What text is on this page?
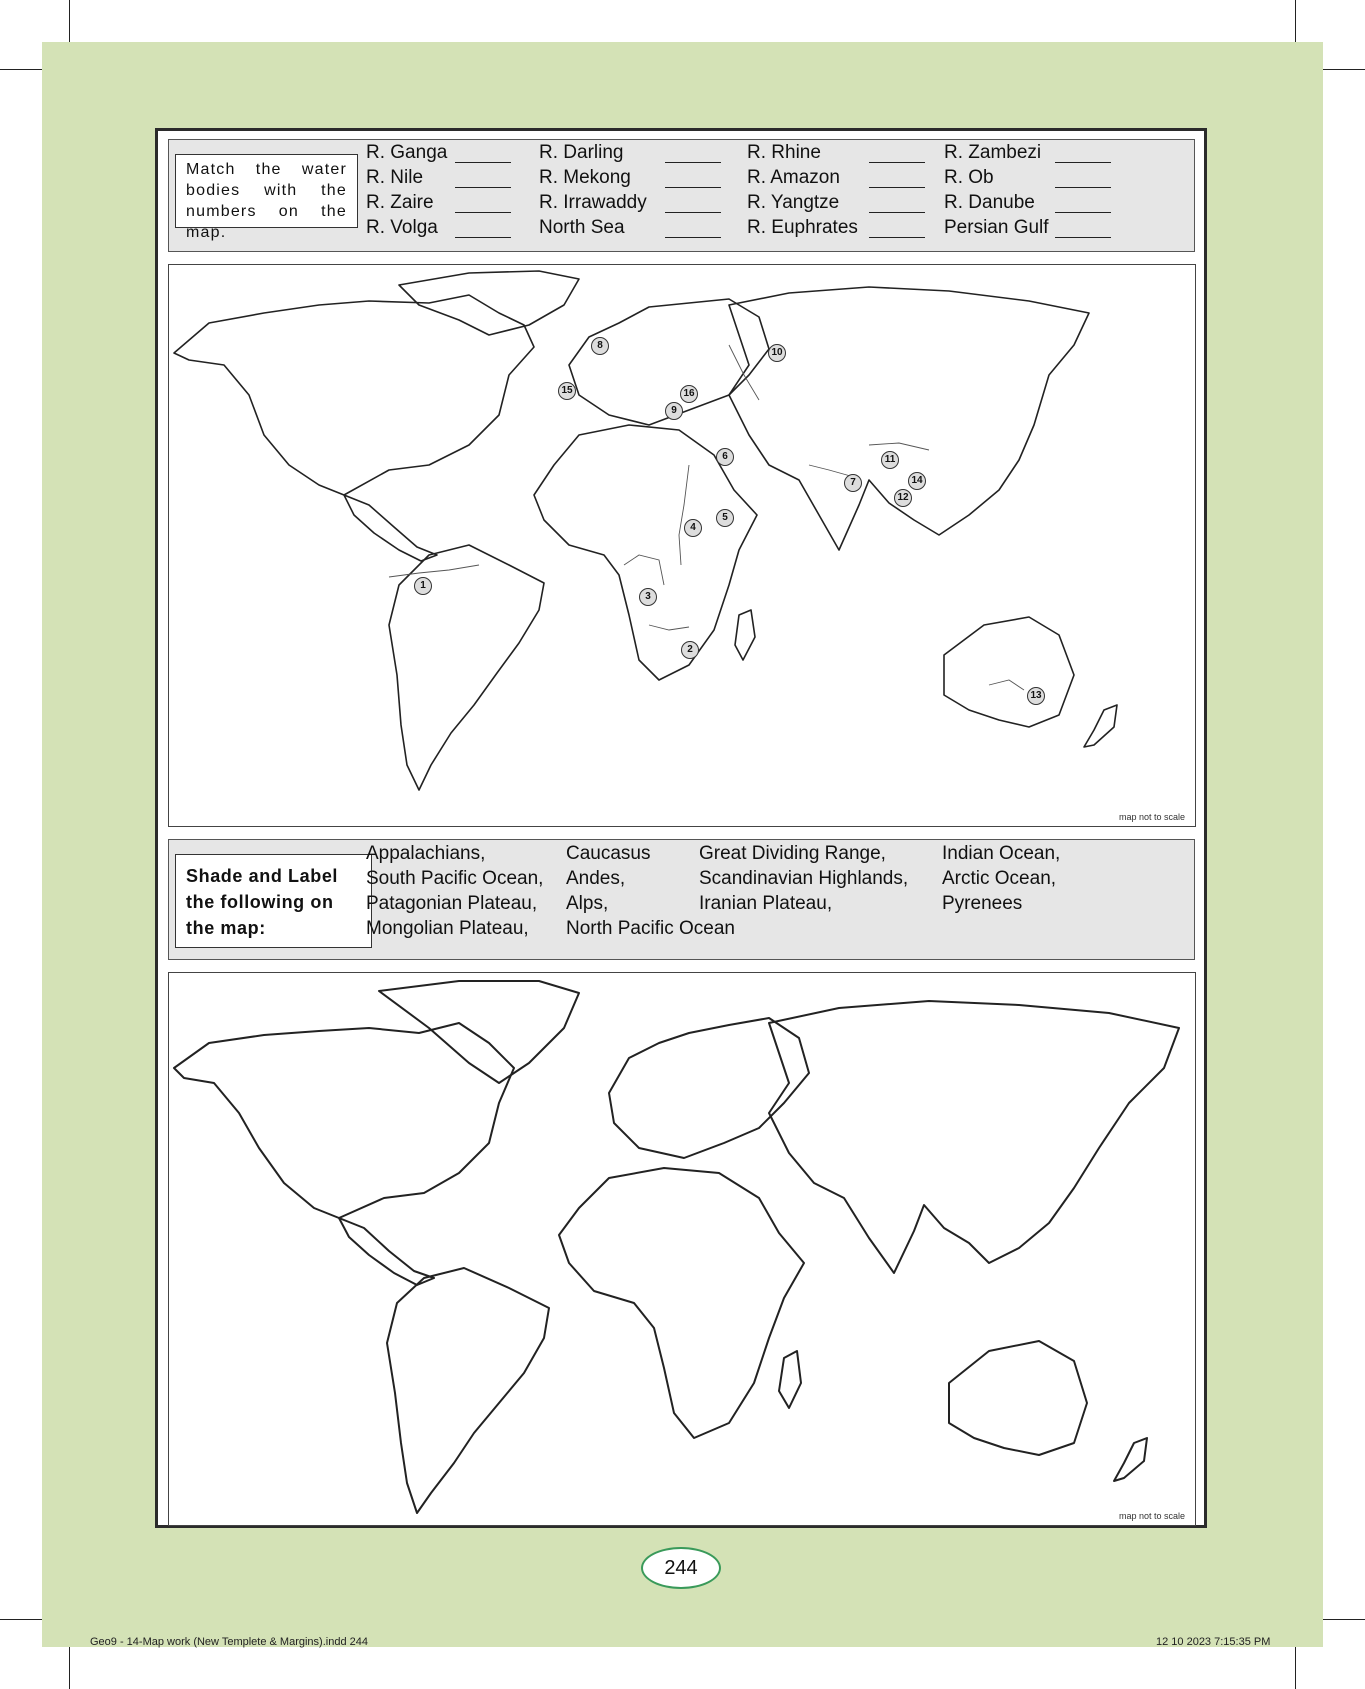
Match the water bodies with the numbers on the map.
R. Ganga
R. Nile
R. Zaire
R. Volga
R. Darling
R. Mekong
R. Irrawaddy
North Sea
R. Rhine
R. Amazon
R. Yangtze
R. Euphrates
R. Zambezi
R. Ob
R. Danube
Persian Gulf
1
2
3
4
5
6
7
8
9
10
11
12
13
14
15	16
map not to scale
Shade and Label the following on the map:
Appalachians,
South Pacific Ocean,
Patagonian Plateau,
Mongolian Plateau,
Caucasus
Andes,
Alps,
North Pacific Ocean
Great Dividing Range,
Scandinavian Highlands,
Iranian Plateau,
Indian Ocean,
Arctic Ocean,
Pyrenees
map not to scale
244
Geo9 - 14-Map work (New Templete & Margins).indd 244	12 10 2023 7:15:35 PM
